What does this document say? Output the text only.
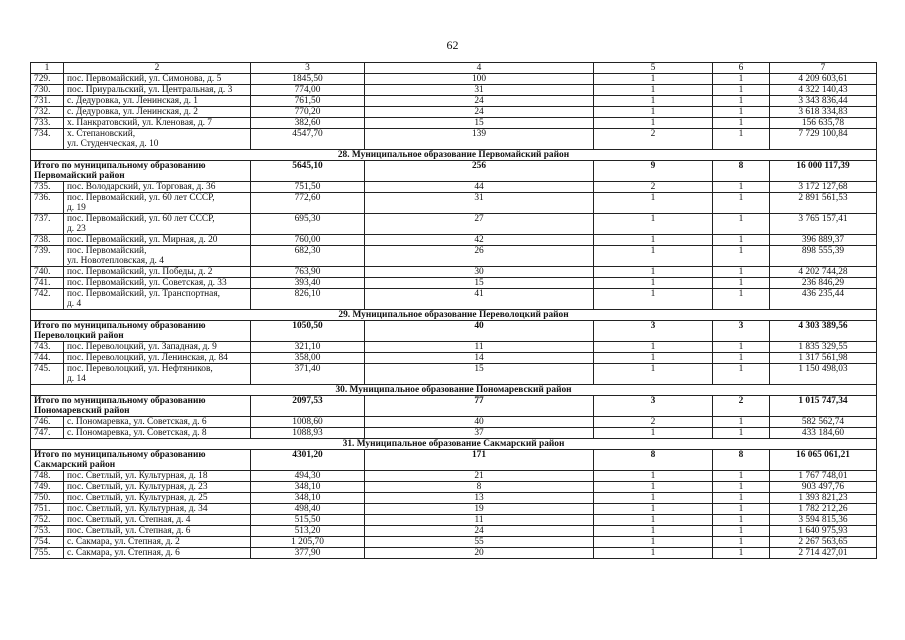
62
1	2	3	4	5	6	7
729.	пос. Первомайский, ул. Симонова, д. 5	1845,50	100	1	1	4 209 603,61
730.	пос. Приуральский, ул. Центральная, д. 3	774,00	31	1	1	4 322 140,43
731.	с. Дедуровка, ул. Ленинская, д. 1	761,50	24	1	1	3 343 836,44
732.	с. Дедуровка, ул. Ленинская, д. 2	770,20	24	1	1	3 618 334,83
733.	х. Панкратовский, ул. Кленовая, д. 7	382,60	15	1	1	156 635,78
734.	х. Степановский,
ул. Студенческая, д. 10	4547,70	139	2	1	7 729 100,84
28. Муниципальное образование Первомайский район						

Итого по муниципальному образованию
Первомайский район		5645,10	256	9	8	16 000 117,39
735.	пос. Володарский, ул. Торговая, д. 36	751,50	44	2	1	3 172 127,68
736.	пос. Первомайский, ул. 60 лет СССР,
д. 19	772,60	31	1	1	2 891 561,53
737.	пос. Первомайский, ул. 60 лет СССР,
д. 23	695,30	27	1	1	3 765 157,41
738.	пос. Первомайский, ул. Мирная, д. 20	760,00	42	1	1	396 889,37
739.	пос. Первомайский,
ул. Новотепловская, д. 4	682,30	26	1	1	898 555,39
740.	пос. Первомайский, ул. Победы, д. 2	763,90	30	1	1	4 202 744,28
741.	пос. Первомайский, ул. Советская, д. 33	393,40	15	1	1	236 846,29
742.	пос. Первомайский, ул. Транспортная,
д. 4	826,10	41	1	1	436 235,44
29. Муниципальное образование Переволоцкий район						

Итого по муниципальному образованию
Переволоцкий район		1050,50	40	3	3	4 303 389,56
743.	пос. Переволоцкий, ул. Западная, д. 9	321,10	11	1	1	1 835 329,55
744.	пос. Переволоцкий, ул. Ленинская, д. 84	358,00	14	1	1	1 317 561,98
745.	пос. Переволоцкий, ул. Нефтяников,
д. 14	371,40	15	1	1	1 150 498,03
30. Муниципальное образование Пономаревский район						

Итого по муниципальному образованию
Пономаревский район		2097,53	77	3	2	1 015 747,34
746.	с. Пономаревка, ул. Советская, д. 6	1008,60	40	2	1	582 562,74
747.	с. Пономаревка, ул. Советская, д. 8	1088,93	37	1	1	433 184,60
31. Муниципальное образование Сакмарский район						

Итого по муниципальному образованию
Сакмарский район		4301,20	171	8	8	16 065 061,21
748.	пос. Светлый, ул. Культурная, д. 18	494,30	21	1	1	1 767 748,01
749.	пос. Светлый, ул. Культурная, д. 23	348,10	8	1	1	903 497,76
750.	пос. Светлый, ул. Культурная, д. 25	348,10	13	1	1	1 393 821,23
751.	пос. Светлый, ул. Культурная, д. 34	498,40	19	1	1	1 782 212,26
752.	пос. Светлый, ул. Степная, д. 4	515,50	11	1	1	3 594 815,36
753.	пос. Светлый, ул. Степная, д. 6	513,20	24	1	1	1 640 975,93
754.	с. Сакмара, ул. Степная, д. 2	1 205,70	55	1	1	2 267 563,65
755.	с. Сакмара, ул. Степная, д. 6	377,90	20	1	1	2 714 427,01
